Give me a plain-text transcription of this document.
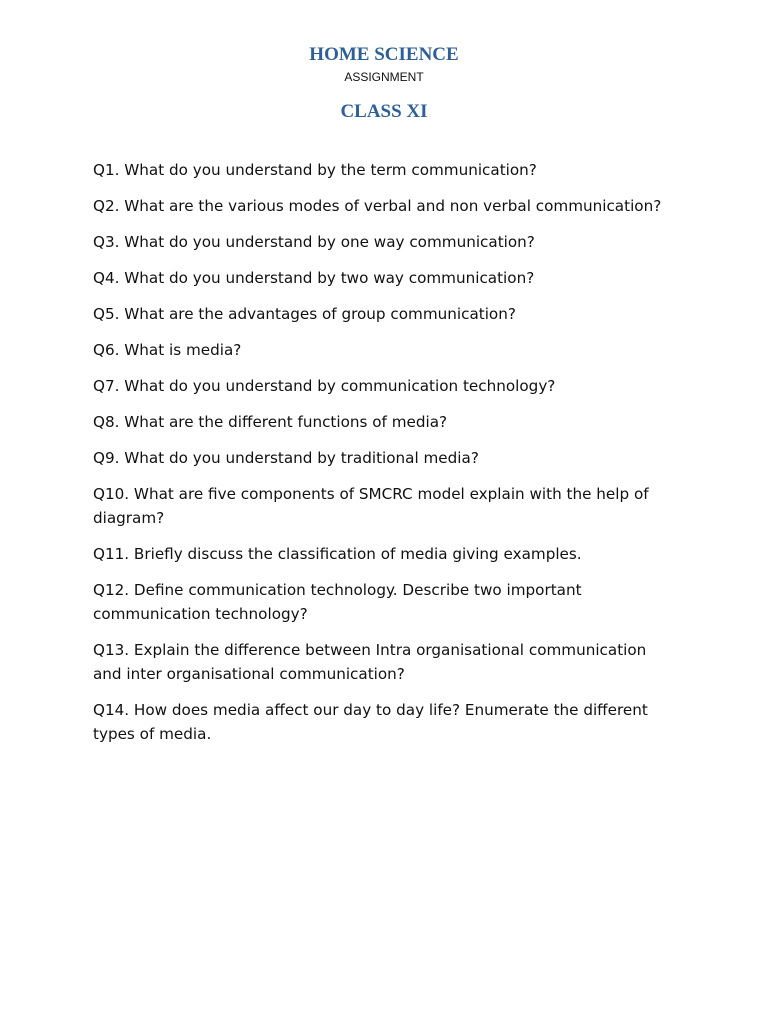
HOME SCIENCE
ASSIGNMENT
CLASS XI
Q1. What do you understand by the term communication?
Q2. What are the various modes of verbal and non verbal communication?
Q3. What do you understand by one way communication?
Q4. What do you understand by two way communication?
Q5. What are the advantages of group communication?
Q6. What is media?
Q7. What do you understand by communication technology?
Q8. What are the different functions of media?
Q9. What do you understand by traditional media?
Q10. What are five components of SMCRC model explain with the help of diagram?
Q11. Briefly discuss the classification of media giving examples.
Q12. Define communication technology. Describe two important communication technology?
Q13. Explain the difference between Intra organisational communication and inter organisational communication?
Q14. How does media affect our day to day life? Enumerate the different types of media.
